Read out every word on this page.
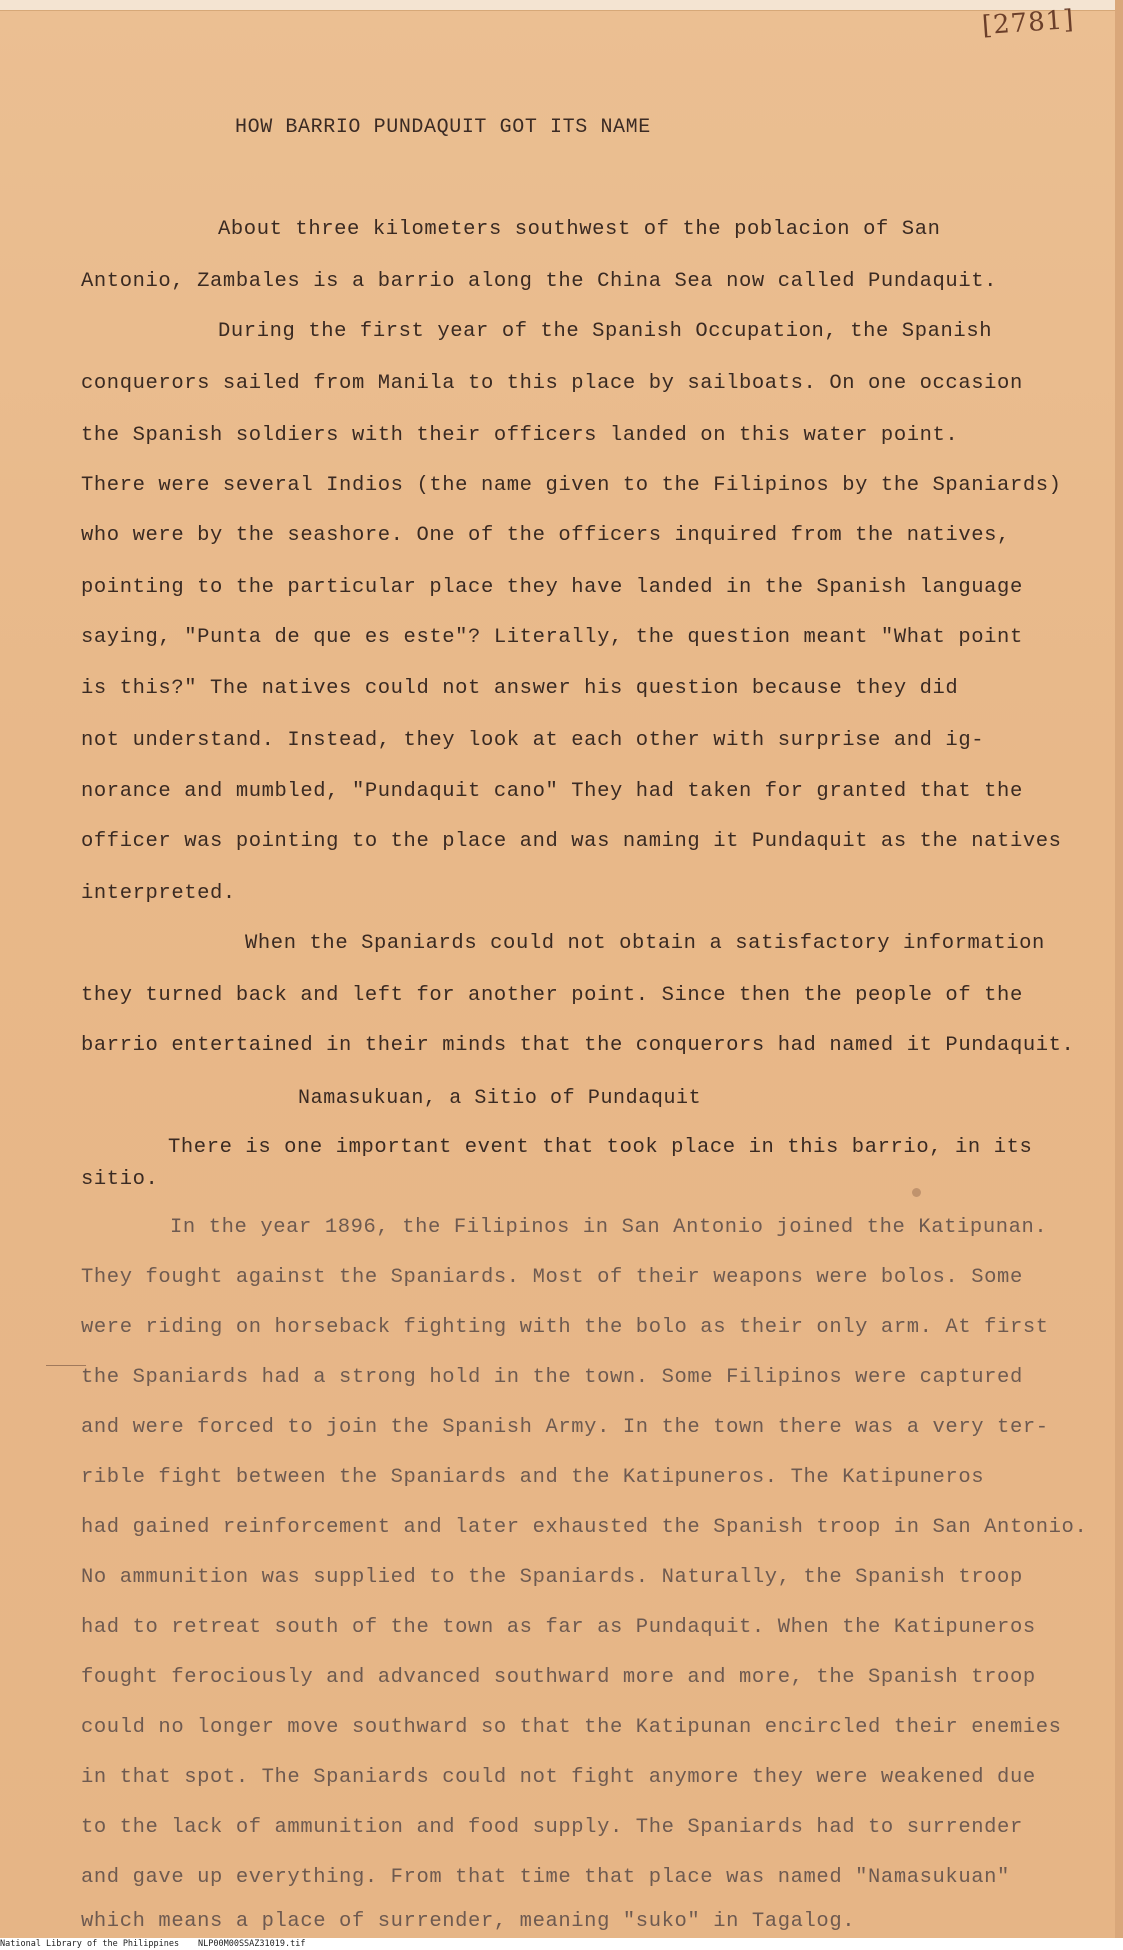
[2781]
HOW BARRIO PUNDAQUIT GOT ITS NAME
About three kilometers southwest of the poblacion of San
Antonio, Zambales is a barrio along the China Sea now called Pundaquit.
During the first year of the Spanish Occupation, the Spanish
conquerors sailed from Manila to this place by sailboats. On one occasion
the Spanish soldiers with their officers landed on this water point.
There were several Indios (the name given to the Filipinos by the Spaniards)
who were by the seashore. One of the officers inquired from the natives,
pointing to the particular place they have landed in the Spanish language
saying, "Punta de que es este"? Literally, the question meant "What point
is this?" The natives could not answer his question because they did
not understand. Instead, they look at each other with surprise and ig-
norance and mumbled, "Pundaquit cano" They had taken for granted that the
officer was pointing to the place and was naming it Pundaquit as the natives
interpreted.
When the Spaniards could not obtain a satisfactory information
they turned back and left for another point. Since then the people of the
barrio entertained in their minds that the conquerors had named it Pundaquit.
Namasukuan, a Sitio of Pundaquit
There is one important event that took place in this barrio, in its
sitio.
In the year 1896, the Filipinos in San Antonio joined the Katipunan.
They fought against the Spaniards. Most of their weapons were bolos. Some
were riding on horseback fighting with the bolo as their only arm. At first
the Spaniards had a strong hold in the town. Some Filipinos were captured
and were forced to join the Spanish Army. In the town there was a very ter-
rible fight between the Spaniards and the Katipuneros. The Katipuneros
had gained reinforcement and later exhausted the Spanish troop in San Antonio.
No ammunition was supplied to the Spaniards. Naturally, the Spanish troop
had to retreat south of the town as far as Pundaquit. When the Katipuneros
fought ferociously and advanced southward more and more, the Spanish troop
could no longer move southward so that the Katipunan encircled their enemies
in that spot. The Spaniards could not fight anymore they were weakened due
to the lack of ammunition and food supply. The Spaniards had to surrender
and gave up everything. From that time that place was named "Namasukuan"
which means a place of surrender, meaning "suko" in Tagalog.
National Library of the Philippines NLP00M00SSAZ31019.tif
